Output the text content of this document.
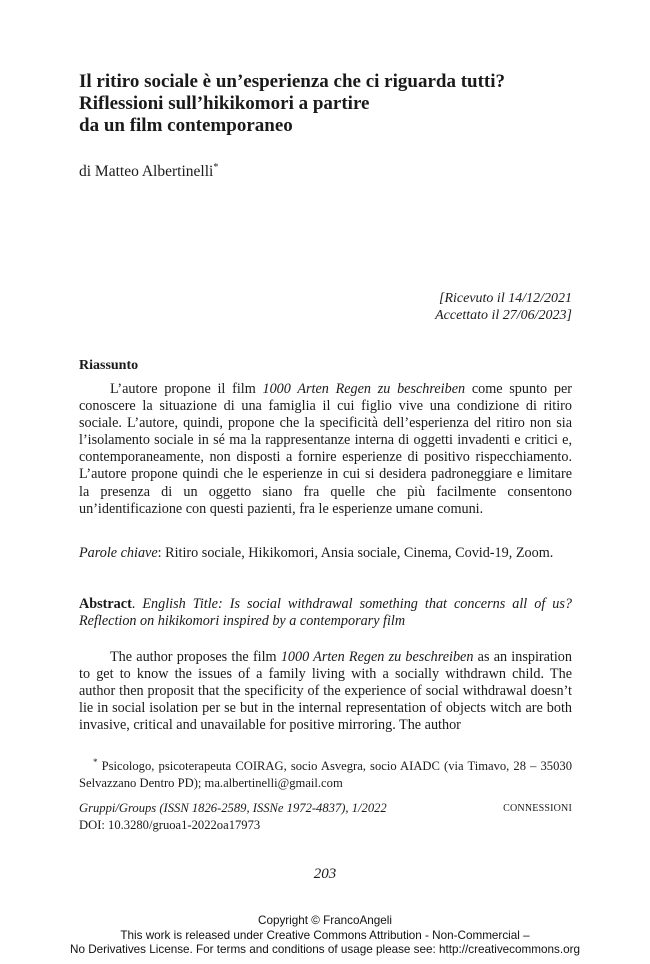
Il ritiro sociale è un’esperienza che ci riguarda tutti?
Riflessioni sull’hikikomori a partire
da un film contemporaneo
di Matteo Albertinelli*
[Ricevuto il 14/12/2021
Accettato il 27/06/2023]
Riassunto
L’autore propone il film 1000 Arten Regen zu beschreiben come spunto per conoscere la situazione di una famiglia il cui figlio vive una condizione di ritiro sociale. L’autore, quindi, propone che la specificità dell’esperienza del ritiro non sia l’isolamento sociale in sé ma la rappresentanze interna di oggetti invadenti e critici e, contemporaneamente, non disposti a fornire esperienze di positivo rispecchiamento. L’autore propone quindi che le esperienze in cui si desidera padroneggiare e limitare la presenza di un oggetto siano fra quelle che più facilmente consentono un’identificazione con questi pazienti, fra le esperienze umane comuni.
Parole chiave: Ritiro sociale, Hikikomori, Ansia sociale, Cinema, Covid-19, Zoom.
Abstract. English Title: Is social withdrawal something that concerns all of us? Reflection on hikikomori inspired by a contemporary film
The author proposes the film 1000 Arten Regen zu beschreiben as an inspiration to get to know the issues of a family living with a socially withdrawn child. The author then proposit that the specificity of the experience of social withdrawal doesn’t lie in social isolation per se but in the internal representation of objects witch are both invasive, critical and unavailable for positive mirroring. The author
* Psicologo, psicoterapeuta COIRAG, socio Asvegra, socio AIADC (via Timavo, 28 – 35030 Selvazzano Dentro PD); ma.albertinelli@gmail.com
Gruppi/Groups (ISSN 1826-2589, ISSNe 1972-4837), 1/2022
DOI: 10.3280/gruoa1-2022oa17973
CONNESSIONI
203
Copyright © FrancoAngeli
This work is released under Creative Commons Attribution - Non-Commercial –
No Derivatives License. For terms and conditions of usage please see: http://creativecommons.org
